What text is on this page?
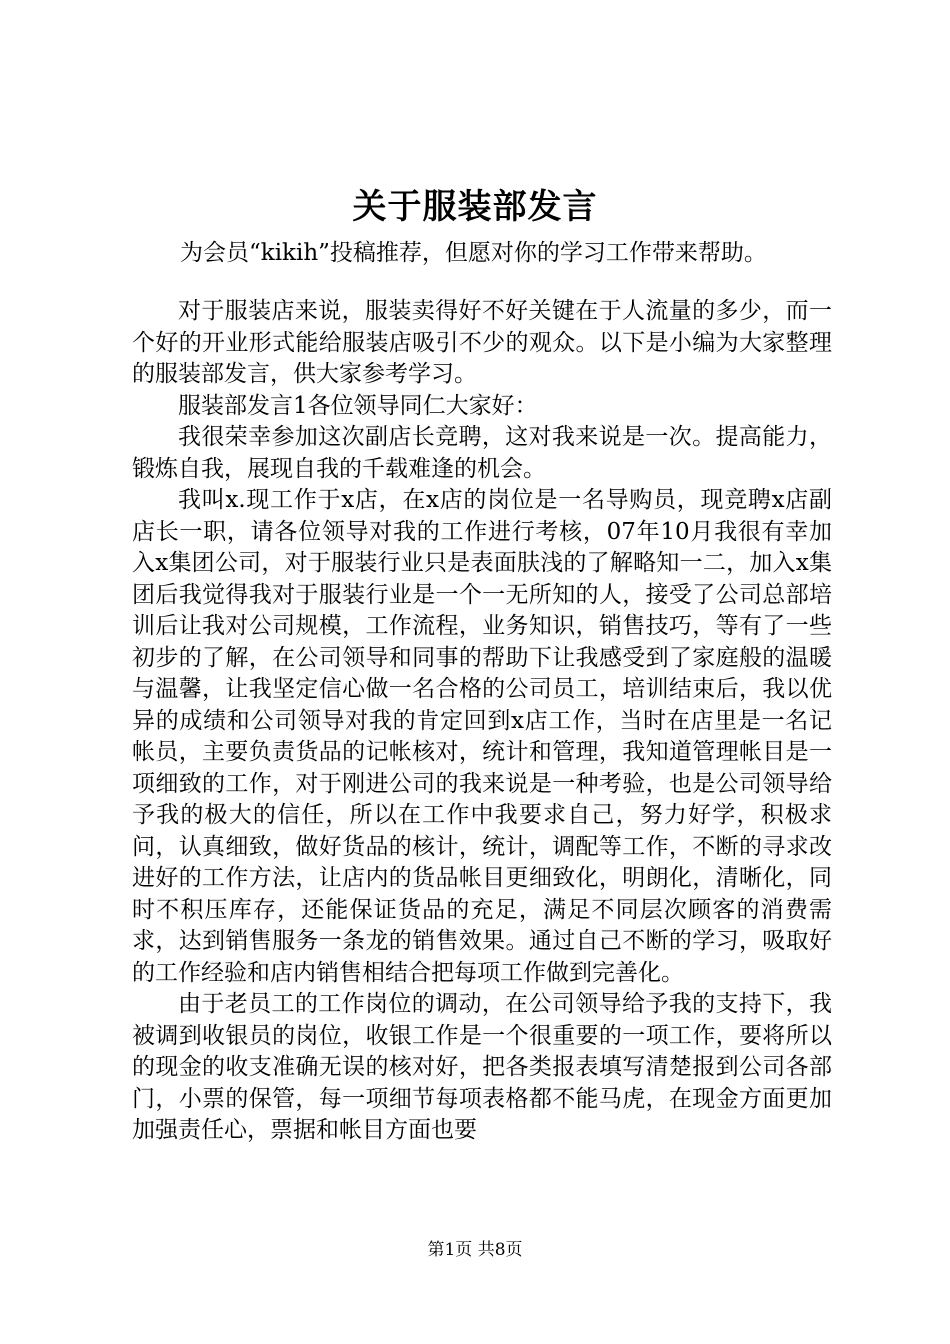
关于服装部发言
为会员“kikih”投稿推荐，但愿对你的学习工作带来帮助。

对于服装店来说，服装卖得好不好关键在于人流量的多少，而一个好的开业形式能给服装店吸引不少的观众。以下是小编为大家整理的服装部发言，供大家参考学习。

服装部发言1各位领导同仁大家好：

我很荣幸参加这次副店长竞聘，这对我来说是一次。提高能力，锻炼自我，展现自我的千载难逢的机会。

我叫x.现工作于x店，在x店的岗位是一名导购员，现竞聘x店副店长一职，请各位领导对我的工作进行考核，07年10月我很有幸加入x集团公司，对于服装行业只是表面肤浅的了解略知一二，加入x集团后我觉得我对于服装行业是一个一无所知的人，接受了公司总部培训后让我对公司规模，工作流程，业务知识，销售技巧，等有了一些初步的了解，在公司领导和同事的帮助下让我感受到了家庭般的温暖与温馨，让我坚定信心做一名合格的公司员工，培训结束后，我以优异的成绩和公司领导对我的肯定回到x店工作，当时在店里是一名记帐员，主要负责货品的记帐核对，统计和管理，我知道管理帐目是一项细致的工作，对于刚进公司的我来说是一种考验，也是公司领导给予我的极大的信任，所以在工作中我要求自己，努力好学，积极求问，认真细致，做好货品的核计，统计，调配等工作，不断的寻求改进好的工作方法，让店内的货品帐目更细致化，明朗化，清晰化，同时不积压库存，还能保证货品的充足，满足不同层次顾客的消费需求，达到销售服务一条龙的销售效果。通过自己不断的学习，吸取好的工作经验和店内销售相结合把每项工作做到完善化。

由于老员工的工作岗位的调动，在公司领导给予我的支持下，我被调到收银员的岗位，收银工作是一个很重要的一项工作，要将所以的现金的收支准确无误的核对好，把各类报表填写清楚报到公司各部门，小票的保管，每一项细节每项表格都不能马虎，在现金方面更加加强责任心，票据和帐目方面也要

第1页 共8页
